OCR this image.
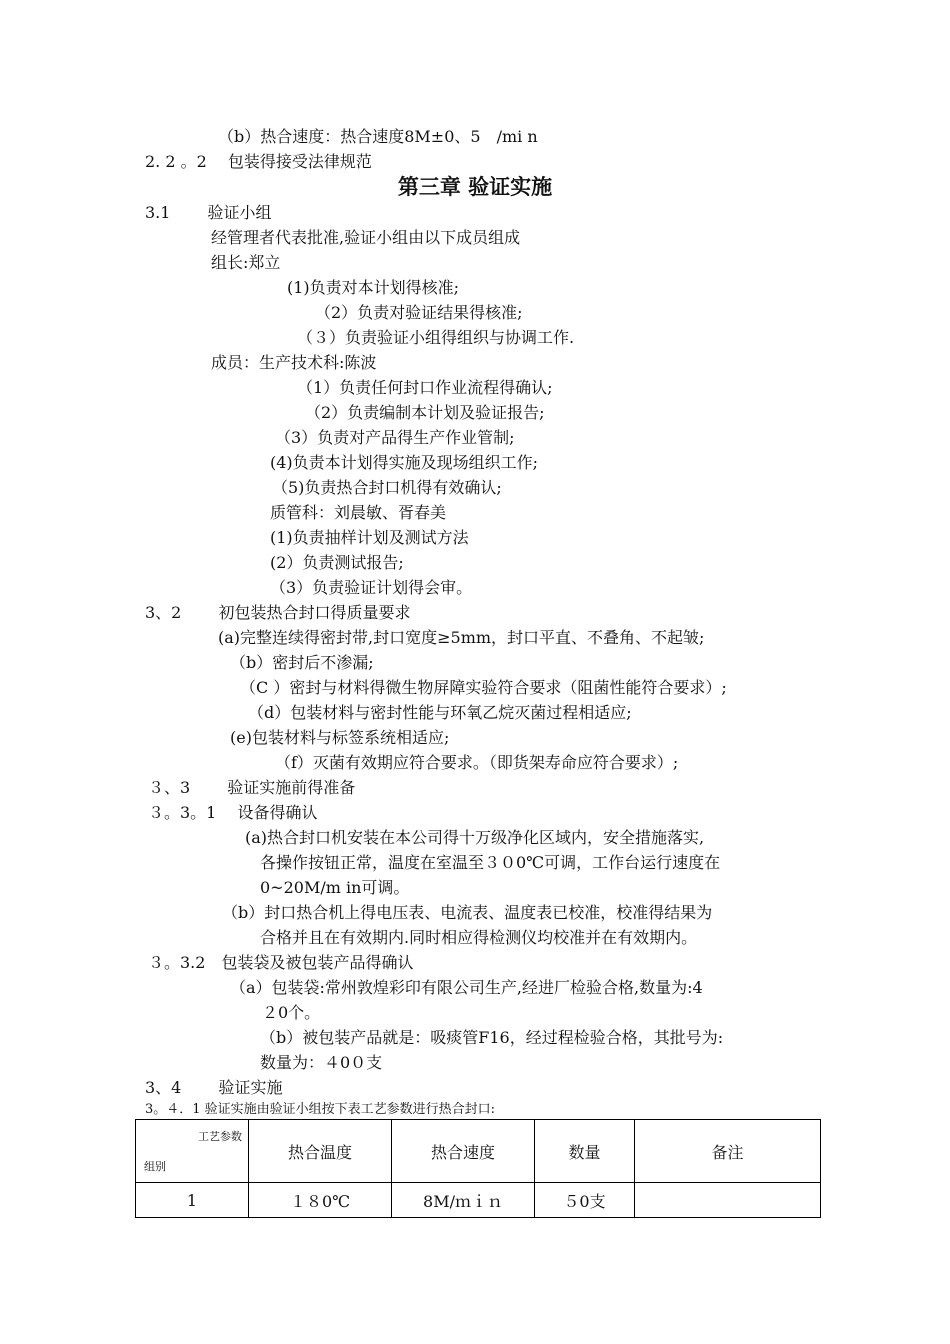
（b）热合速度：热合速度8M±0、5　/mi n
2. 2 。2　 包装得接受法律规范
第三章 验证实施
3.1　　 验证小组
经管理者代表批准,验证小组由以下成员组成
组长:郑立
(1)负责对本计划得核准;
（2）负责对验证结果得核准;
（３）负责验证小组得组织与协调工作.
成员：生产技术科:陈波
（1）负责任何封口作业流程得确认;
（2）负责编制本计划及验证报告;
（3）负责对产品得生产作业管制;
(4)负责本计划得实施及现场组织工作;
（5)负责热合封口机得有效确认;
质管科：刘晨敏、胥春美
(1)负责抽样计划及测试方法
(2）负责测试报告;
（3）负责验证计划得会审。
3、2　　 初包装热合封口得质量要求
(a)完整连续得密封带,封口宽度≥5mm，封口平直、不叠角、不起皱;
（b）密封后不渗漏;
（C ）密封与材料得微生物屏障实验符合要求（阻菌性能符合要求）;
（d）包装材料与密封性能与环氧乙烷灭菌过程相适应;
(e)包装材料与标签系统相适应;
（f）灭菌有效期应符合要求。（即货架寿命应符合要求）;
３、3　　 验证实施前得准备
３。3。1　 设备得确认
(a)热合封口机安装在本公司得十万级净化区域内，安全措施落实,
各操作按钮正常，温度在室温至３０0℃可调，工作台运行速度在
0~20M/m in可调。
（b）封口热合机上得电压表、电流表、温度表已校准，校准得结果为
合格并且在有效期内.同时相应得检测仪均校准并在有效期内。
３。3.2　包装袋及被包装产品得确认
（a）包装袋:常州敦煌彩印有限公司生产,经进厂检验合格,数量为:4
２0个。
（b）被包装产品就是：吸痰管F16，经过程检验合格，其批号为:
数量为：４0０支
3、4　　 验证实施
3。４．1 验证实施由验证小组按下表工艺参数进行热合封口:
工艺参数
组别	热合温度	热合速度	数量	备注
1	１８0℃	8M/ｍｉｎ	５0支	
